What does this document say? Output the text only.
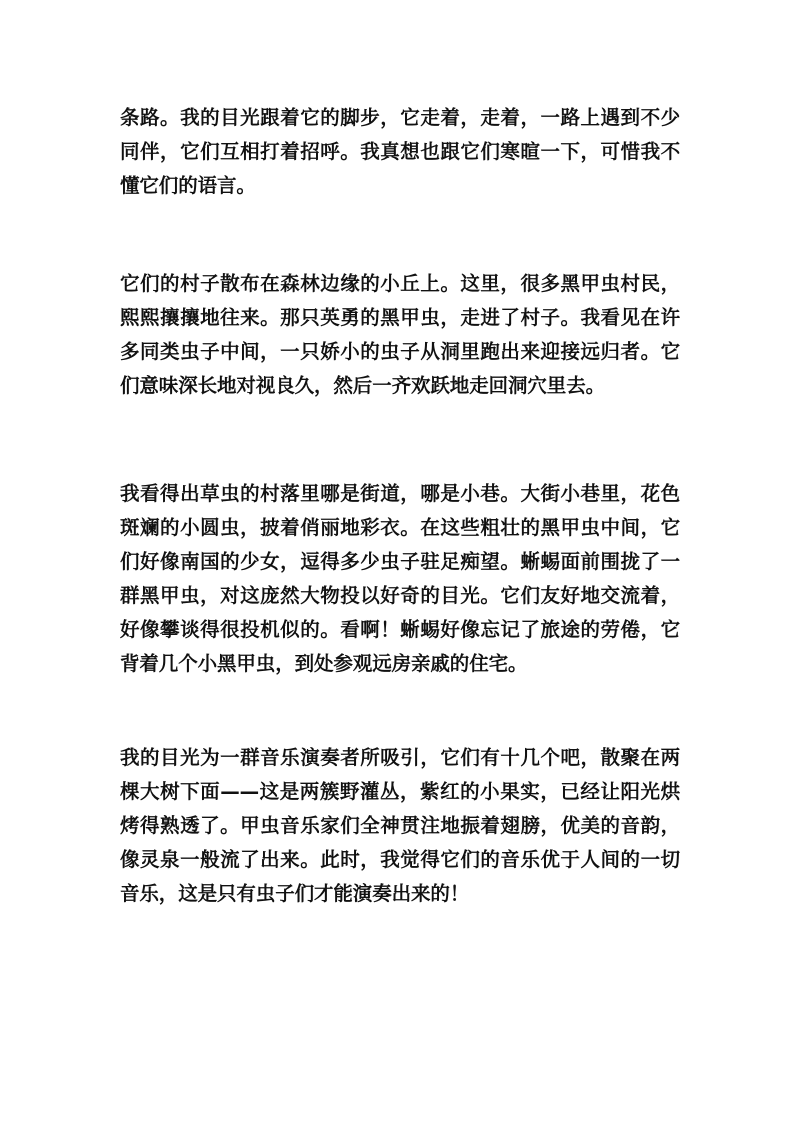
条路。我的目光跟着它的脚步，它走着，走着，一路上遇到不少同伴，它们互相打着招呼。我真想也跟它们寒暄一下，可惜我不懂它们的语言。

它们的村子散布在森林边缘的小丘上。这里，很多黑甲虫村民，熙熙攘攘地往来。那只英勇的黑甲虫，走进了村子。我看见在许多同类虫子中间，一只娇小的虫子从洞里跑出来迎接远归者。它们意味深长地对视良久，然后一齐欢跃地走回洞穴里去。

我看得出草虫的村落里哪是街道，哪是小巷。大街小巷里，花色斑斓的小圆虫，披着俏丽地彩衣。在这些粗壮的黑甲虫中间，它们好像南国的少女，逗得多少虫子驻足痴望。蜥蜴面前围拢了一群黑甲虫，对这庞然大物投以好奇的目光。它们友好地交流着，好像攀谈得很投机似的。看啊！蜥蜴好像忘记了旅途的劳倦，它背着几个小黑甲虫，到处参观远房亲戚的住宅。

我的目光为一群音乐演奏者所吸引，它们有十几个吧，散聚在两棵大树下面——这是两簇野灌丛，紫红的小果实，已经让阳光烘烤得熟透了。甲虫音乐家们全神贯注地振着翅膀，优美的音韵，像灵泉一般流了出来。此时，我觉得它们的音乐优于人间的一切音乐，这是只有虫子们才能演奏出来的！
